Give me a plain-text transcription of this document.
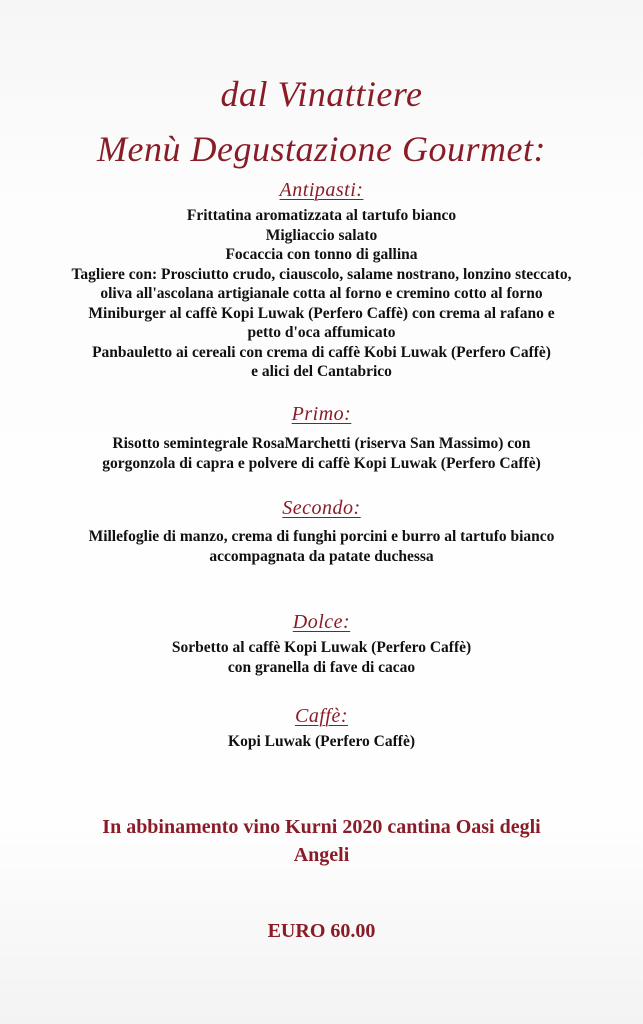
dal Vinattiere
Menù Degustazione Gourmet:
Antipasti:
Frittatina aromatizzata al tartufo bianco
Migliaccio salato
Focaccia con tonno di gallina
Tagliere con: Prosciutto crudo, ciauscolo, salame nostrano, lonzino steccato,
oliva all'ascolana artigianale cotta al forno e cremino cotto al forno
Miniburger al caffè Kopi Luwak (Perfero Caffè) con crema al rafano e
petto d'oca affumicato
Panbauletto ai cereali con crema di caffè Kobi Luwak (Perfero Caffè)
e alici del Cantabrico
Primo:
Risotto semintegrale RosaMarchetti (riserva San Massimo) con
gorgonzola di capra e polvere di caffè Kopi Luwak (Perfero Caffè)
Secondo:
Millefoglie di manzo, crema di funghi porcini e burro al tartufo bianco
accompagnata da patate duchessa
Dolce:
Sorbetto al caffè Kopi Luwak (Perfero Caffè)
con granella di fave di cacao
Caffè:
Kopi Luwak (Perfero Caffè)
In abbinamento vino Kurni 2020 cantina Oasi degli
Angeli
EURO 60.00
